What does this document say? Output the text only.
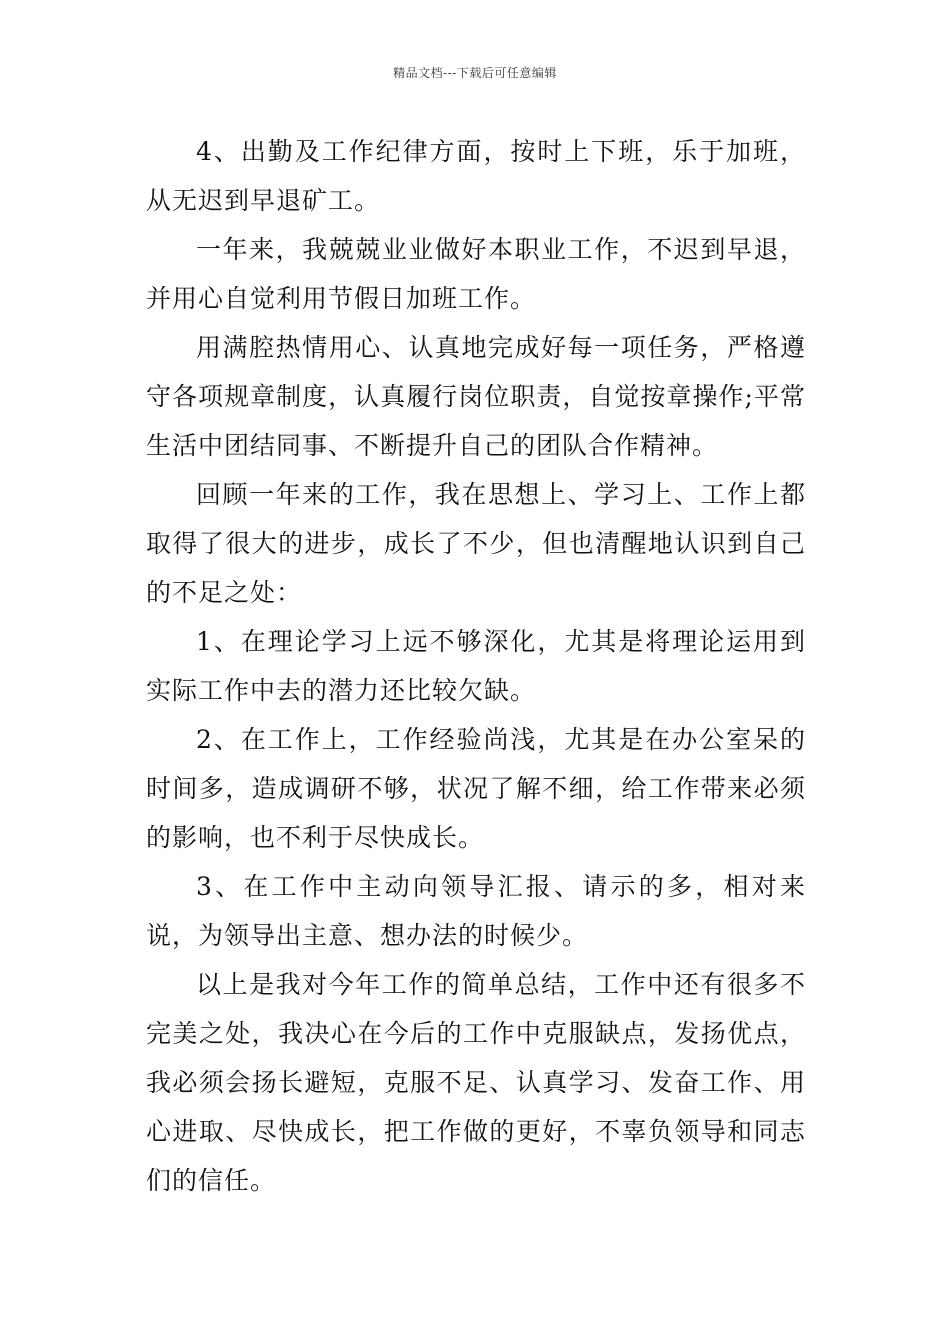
精品文档---下载后可任意编辑

4、出勤及工作纪律方面，按时上下班，乐于加班，从无迟到早退矿工。

一年来，我兢兢业业做好本职业工作，不迟到早退，并用心自觉利用节假日加班工作。

用满腔热情用心、认真地完成好每一项任务，严格遵守各项规章制度，认真履行岗位职责，自觉按章操作;平常生活中团结同事、不断提升自己的团队合作精神。

回顾一年来的工作，我在思想上、学习上、工作上都取得了很大的进步，成长了不少，但也清醒地认识到自己的不足之处：

1、在理论学习上远不够深化，尤其是将理论运用到实际工作中去的潜力还比较欠缺。

2、在工作上，工作经验尚浅，尤其是在办公室呆的时间多，造成调研不够，状况了解不细，给工作带来必须的影响，也不利于尽快成长。

3、在工作中主动向领导汇报、请示的多，相对来说，为领导出主意、想办法的时候少。

以上是我对今年工作的简单总结，工作中还有很多不完美之处，我决心在今后的工作中克服缺点，发扬优点，我必须会扬长避短，克服不足、认真学习、发奋工作、用心进取、尽快成长，把工作做的更好，不辜负领导和同志们的信任。
